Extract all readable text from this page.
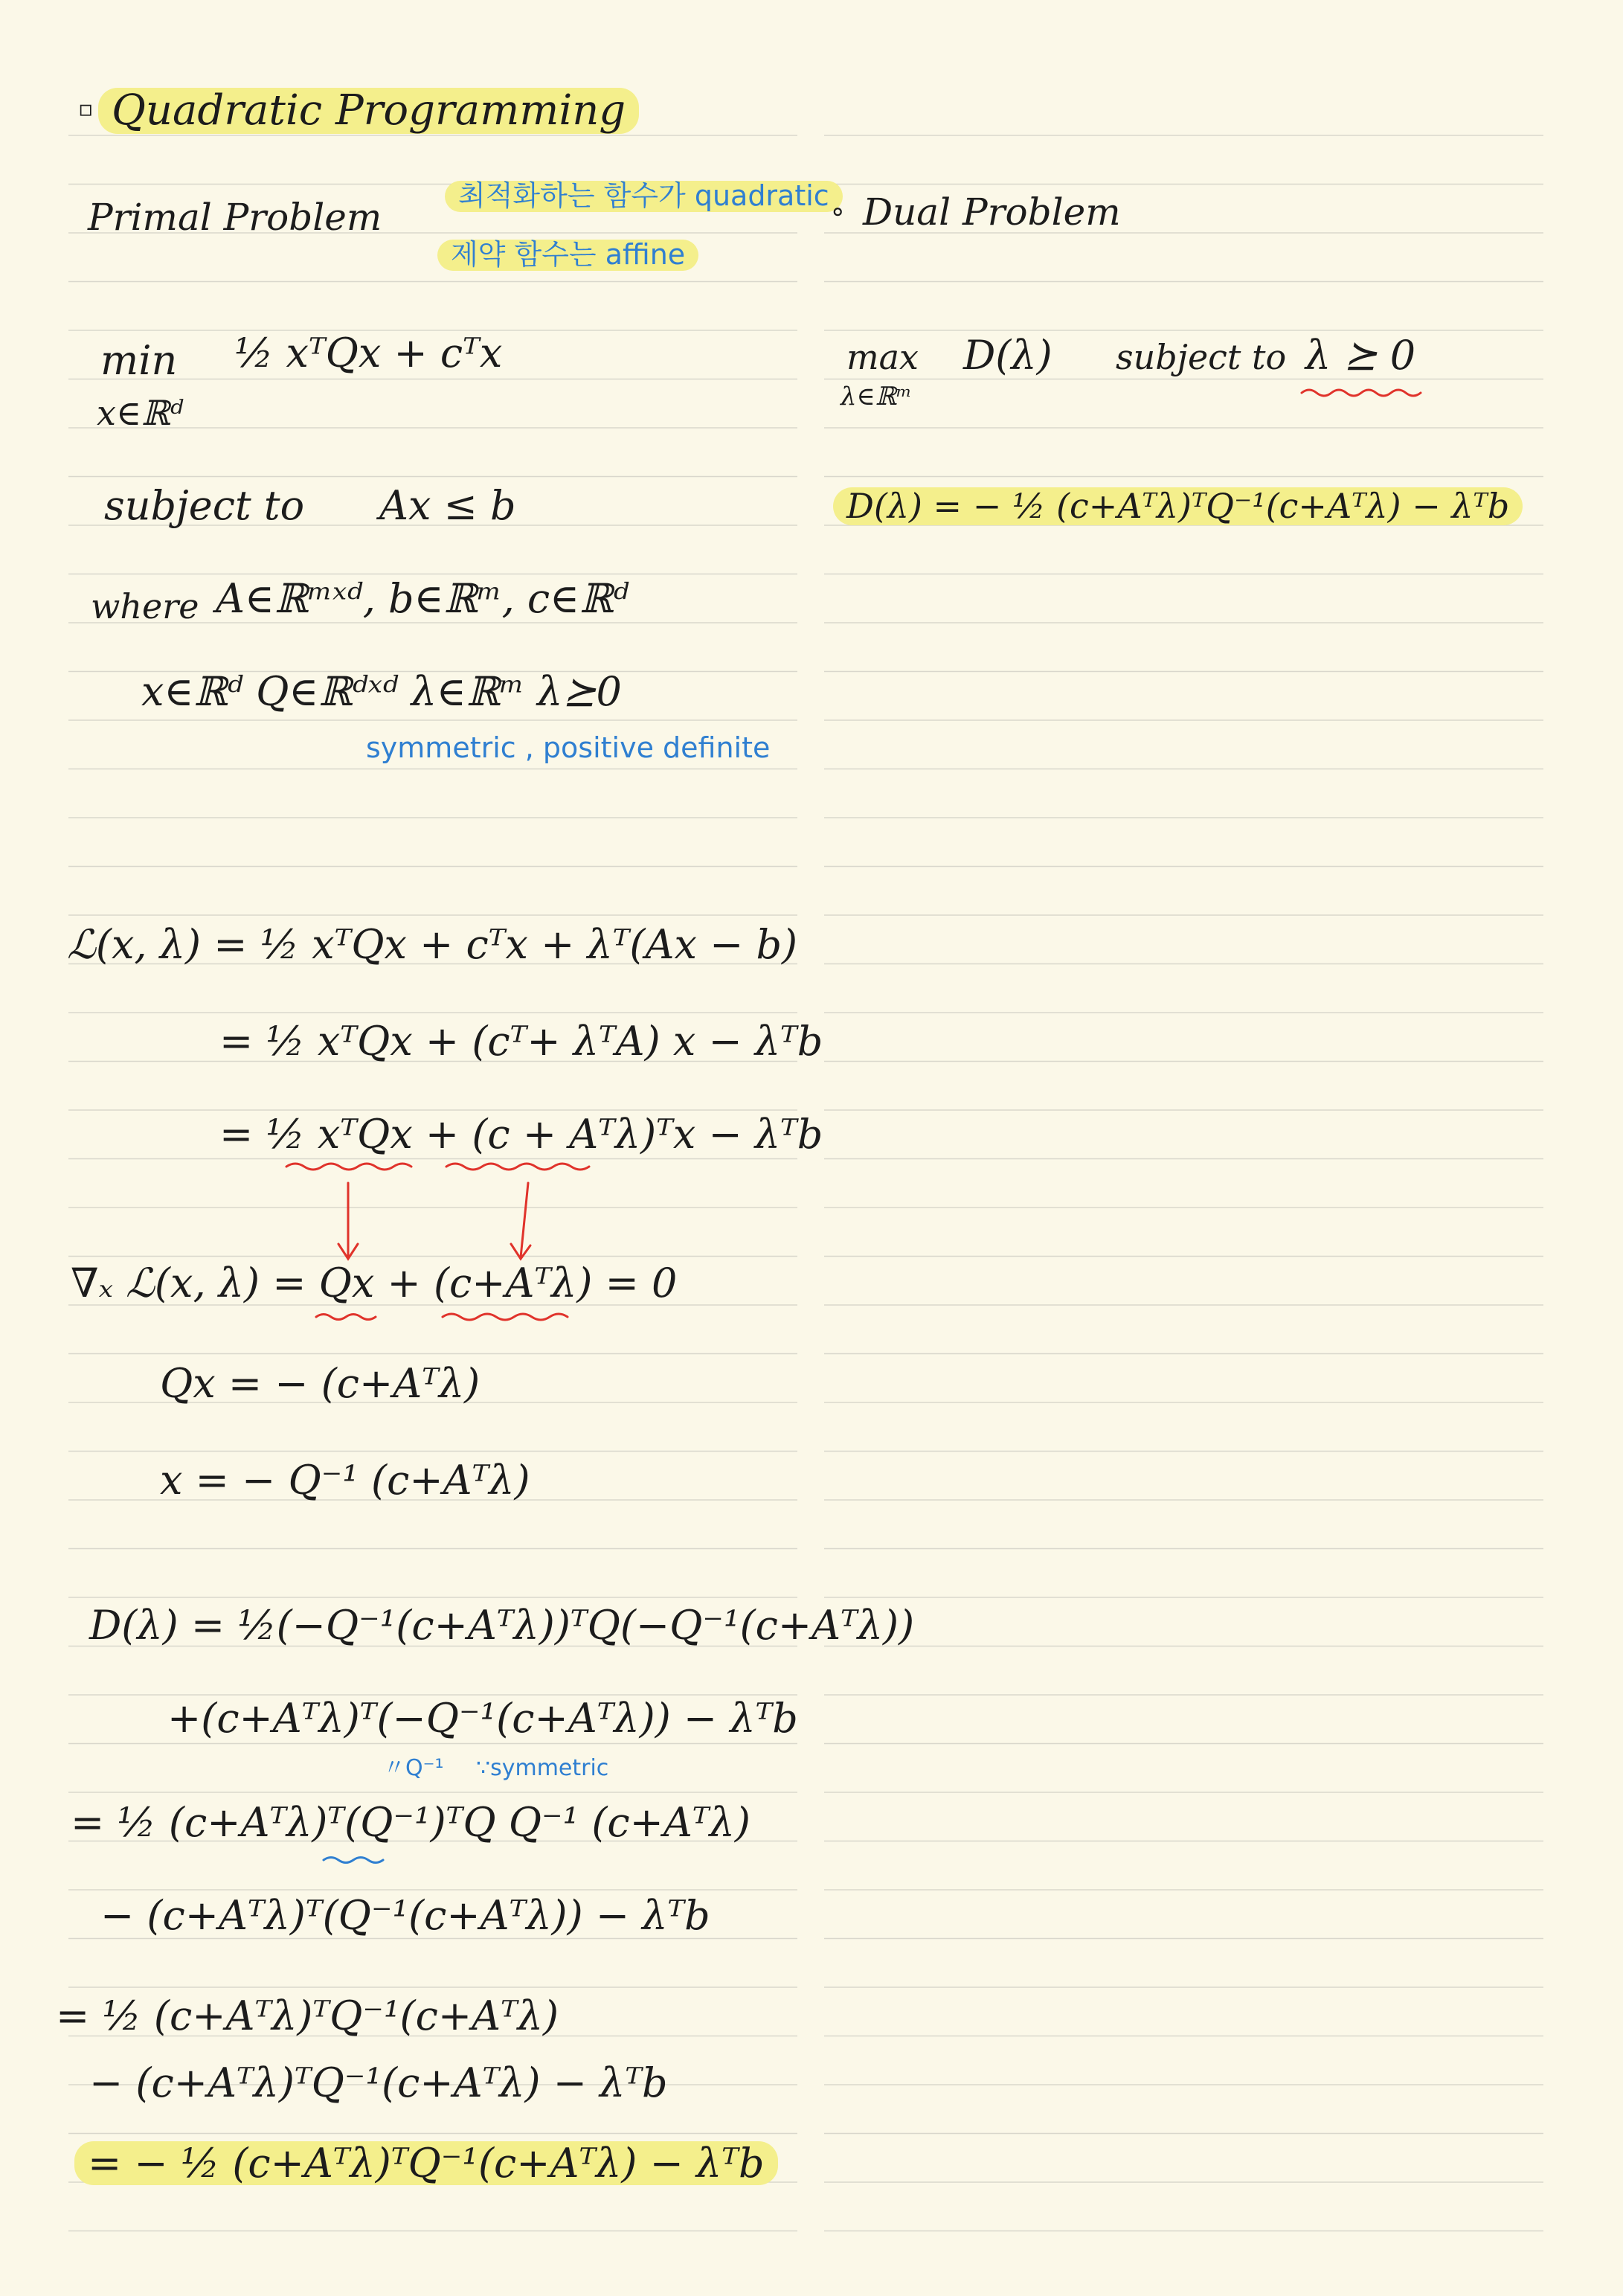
▫ Quadratic Programming
Primal Problem	최적화하는 함수가 quadratic
제약 함수는 affine
min
x∈ℝᵈ
½ xᵀQx + cᵀx
subject to Ax ≤ b
where A∈ℝᵐˣᵈ, b∈ℝᵐ, c∈ℝᵈ
x∈ℝᵈ Q∈ℝᵈˣᵈ λ∈ℝᵐ λ⪰0
symmetric , positive definite
∘ Dual Problem
max
λ∈ℝᵐ
D(λ) subject to λ ⪰ 0
D(λ) = − ½ (c+Aᵀλ)ᵀQ⁻¹(c+Aᵀλ) − λᵀb
ℒ(x, λ) = ½ xᵀQx + cᵀx + λᵀ(Ax − b)
= ½ xᵀQx + (cᵀ+ λᵀA) x − λᵀb
= ½ xᵀQx + (c + Aᵀλ)ᵀx − λᵀb
∇ₓ ℒ(x, λ) = Qx + (c+Aᵀλ) = 0
Qx = − (c+Aᵀλ)
x = − Q⁻¹ (c+Aᵀλ)
D(λ) = ½(−Q⁻¹(c+Aᵀλ))ᵀQ(−Q⁻¹(c+Aᵀλ))
+(c+Aᵀλ)ᵀ(−Q⁻¹(c+Aᵀλ)) − λᵀb
〃Q⁻¹ ∵symmetric
= ½ (c+Aᵀλ)ᵀ(Q⁻¹)ᵀQ Q⁻¹ (c+Aᵀλ)
− (c+Aᵀλ)ᵀ(Q⁻¹(c+Aᵀλ)) − λᵀb
= ½ (c+Aᵀλ)ᵀQ⁻¹(c+Aᵀλ)
− (c+Aᵀλ)ᵀQ⁻¹(c+Aᵀλ) − λᵀb
= − ½ (c+Aᵀλ)ᵀQ⁻¹(c+Aᵀλ) − λᵀb
